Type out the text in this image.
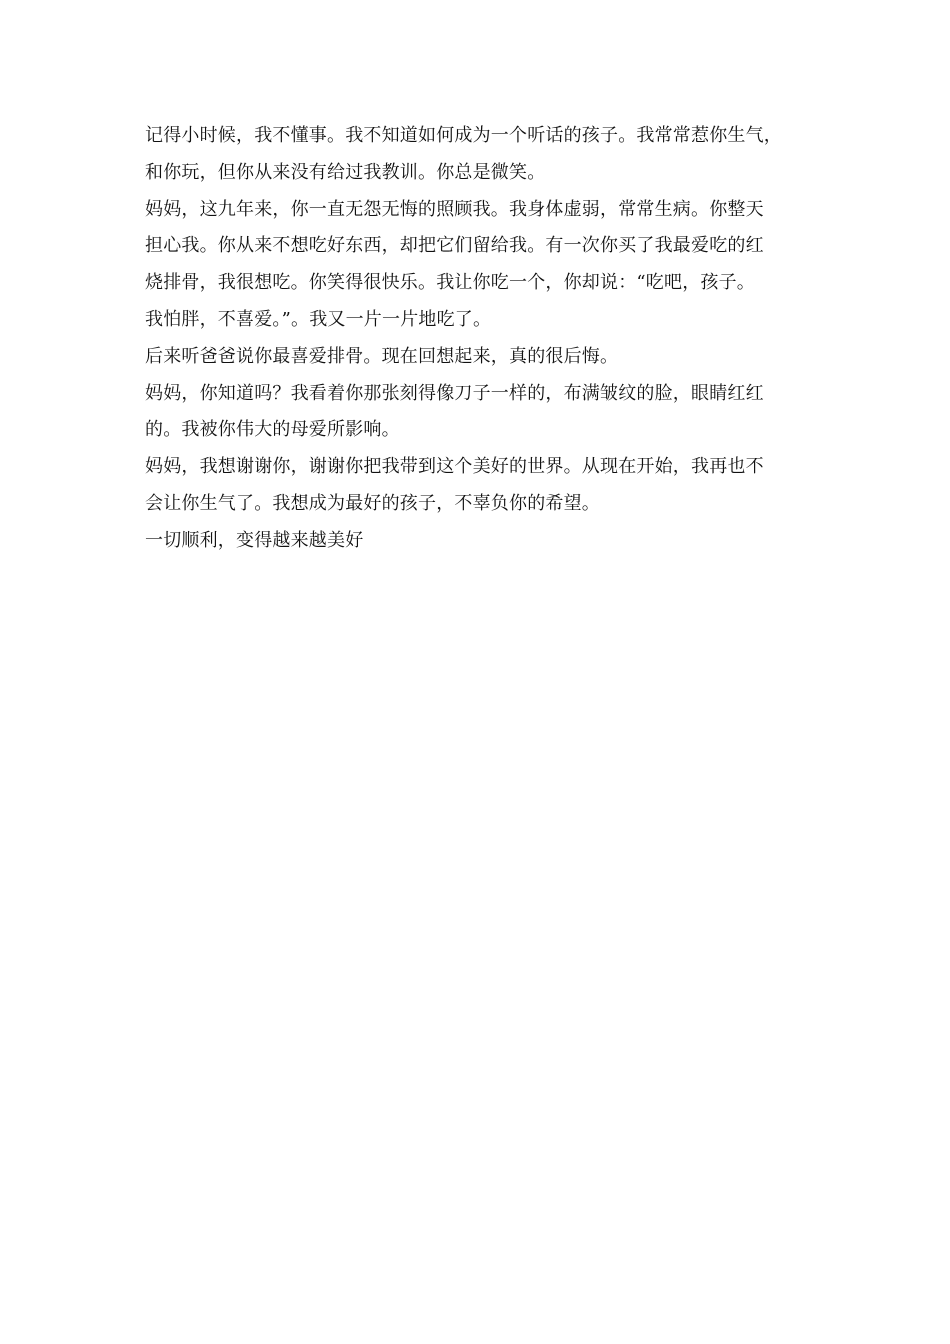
记得小时候，我不懂事。我不知道如何成为一个听话的孩子。我常常惹你生气，
和你玩，但你从来没有给过我教训。你总是微笑。
妈妈，这九年来，你一直无怨无悔的照顾我。我身体虚弱，常常生病。你整天
担心我。你从来不想吃好东西，却把它们留给我。有一次你买了我最爱吃的红
烧排骨，我很想吃。你笑得很快乐。我让你吃一个，你却说：“吃吧，孩子。
我怕胖，不喜爱。”。我又一片一片地吃了。
后来听爸爸说你最喜爱排骨。现在回想起来，真的很后悔。
妈妈，你知道吗？我看着你那张刻得像刀子一样的，布满皱纹的脸，眼睛红红
的。我被你伟大的母爱所影响。
妈妈，我想谢谢你，谢谢你把我带到这个美好的世界。从现在开始，我再也不
会让你生气了。我想成为最好的孩子，不辜负你的希望。
一切顺利，变得越来越美好
